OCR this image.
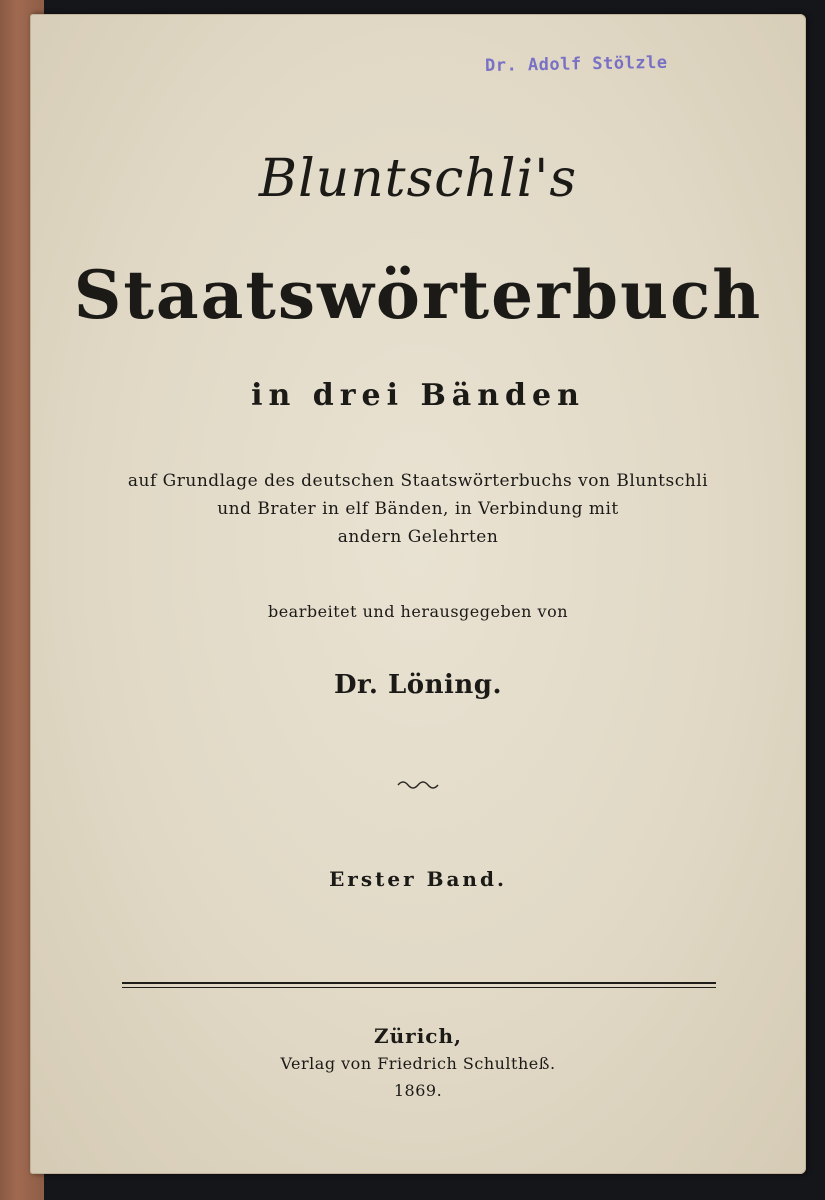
Dr. Adolf Stölzle
Bluntschli's
Staatswörterbuch
in drei Bänden
auf Grundlage des deutschen Staatswörterbuchs von Bluntschli
und Brater in elf Bänden, in Verbindung mit
andern Gelehrten
bearbeitet und herausgegeben von
Dr. Löning.
Erster Band.
Zürich,
Verlag von Friedrich Schultheß.
1869.
